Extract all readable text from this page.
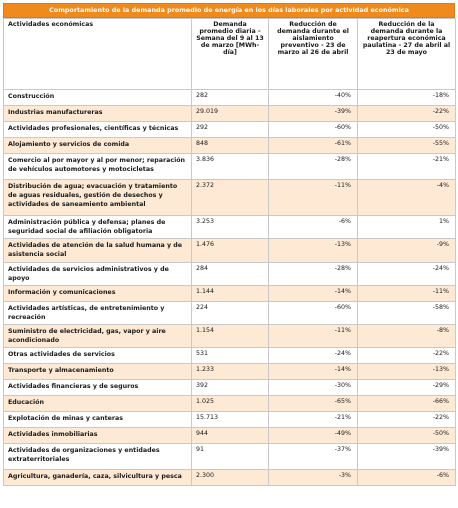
Comportamiento de la demanda promedio de energía en los días laborales por actividad económica
Actividades económicas	Demanda promedio diaria - Semana del 9 al 13 de marzo [MWh-día]	Reducción de demanda durante el aislamiento preventivo - 23 de marzo al 26 de abril	Reducción de la demanda durante la reapertura económica paulatina - 27 de abril al 23 de mayo
Construcción	282	-40%	-18%
Industrias manufactureras	29.019	-39%	-22%
Actividades profesionales, científicas y técnicas	292	-60%	-50%
Alojamiento y servicios de comida	848	-61%	-55%
Comercio al por mayor y al por menor; reparación de vehículos automotores y motocicletas	3.836	-28%	-21%
Distribución de agua; evacuación y tratamiento de aguas residuales, gestión de desechos y actividades de saneamiento ambiental	2.372	-11%	-4%
Administración pública y defensa; planes de seguridad social de afiliación obligatoria	3.253	-6%	1%
Actividades de atención de la salud humana y de asistencia social	1.476	-13%	-9%
Actividades de servicios administrativos y de apoyo	284	-28%	-24%
Información y comunicaciones	1.144	-14%	-11%
Actividades artísticas, de entretenimiento y recreación	224	-60%	-58%
Suministro de electricidad, gas, vapor y aire acondicionado	1.154	-11%	-8%
Otras actividades de servicios	531	-24%	-22%
Transporte y almacenamiento	1.233	-14%	-13%
Actividades financieras y de seguros	392	-30%	-29%
Educación	1.025	-65%	-66%
Explotación de minas y canteras	15.713	-21%	-22%
Actividades inmobiliarias	944	-49%	-50%
Actividades de organizaciones y entidades extraterritoriales	91	-37%	-39%
Agricultura, ganadería, caza, silvicultura y pesca	2.300	-3%	-6%
